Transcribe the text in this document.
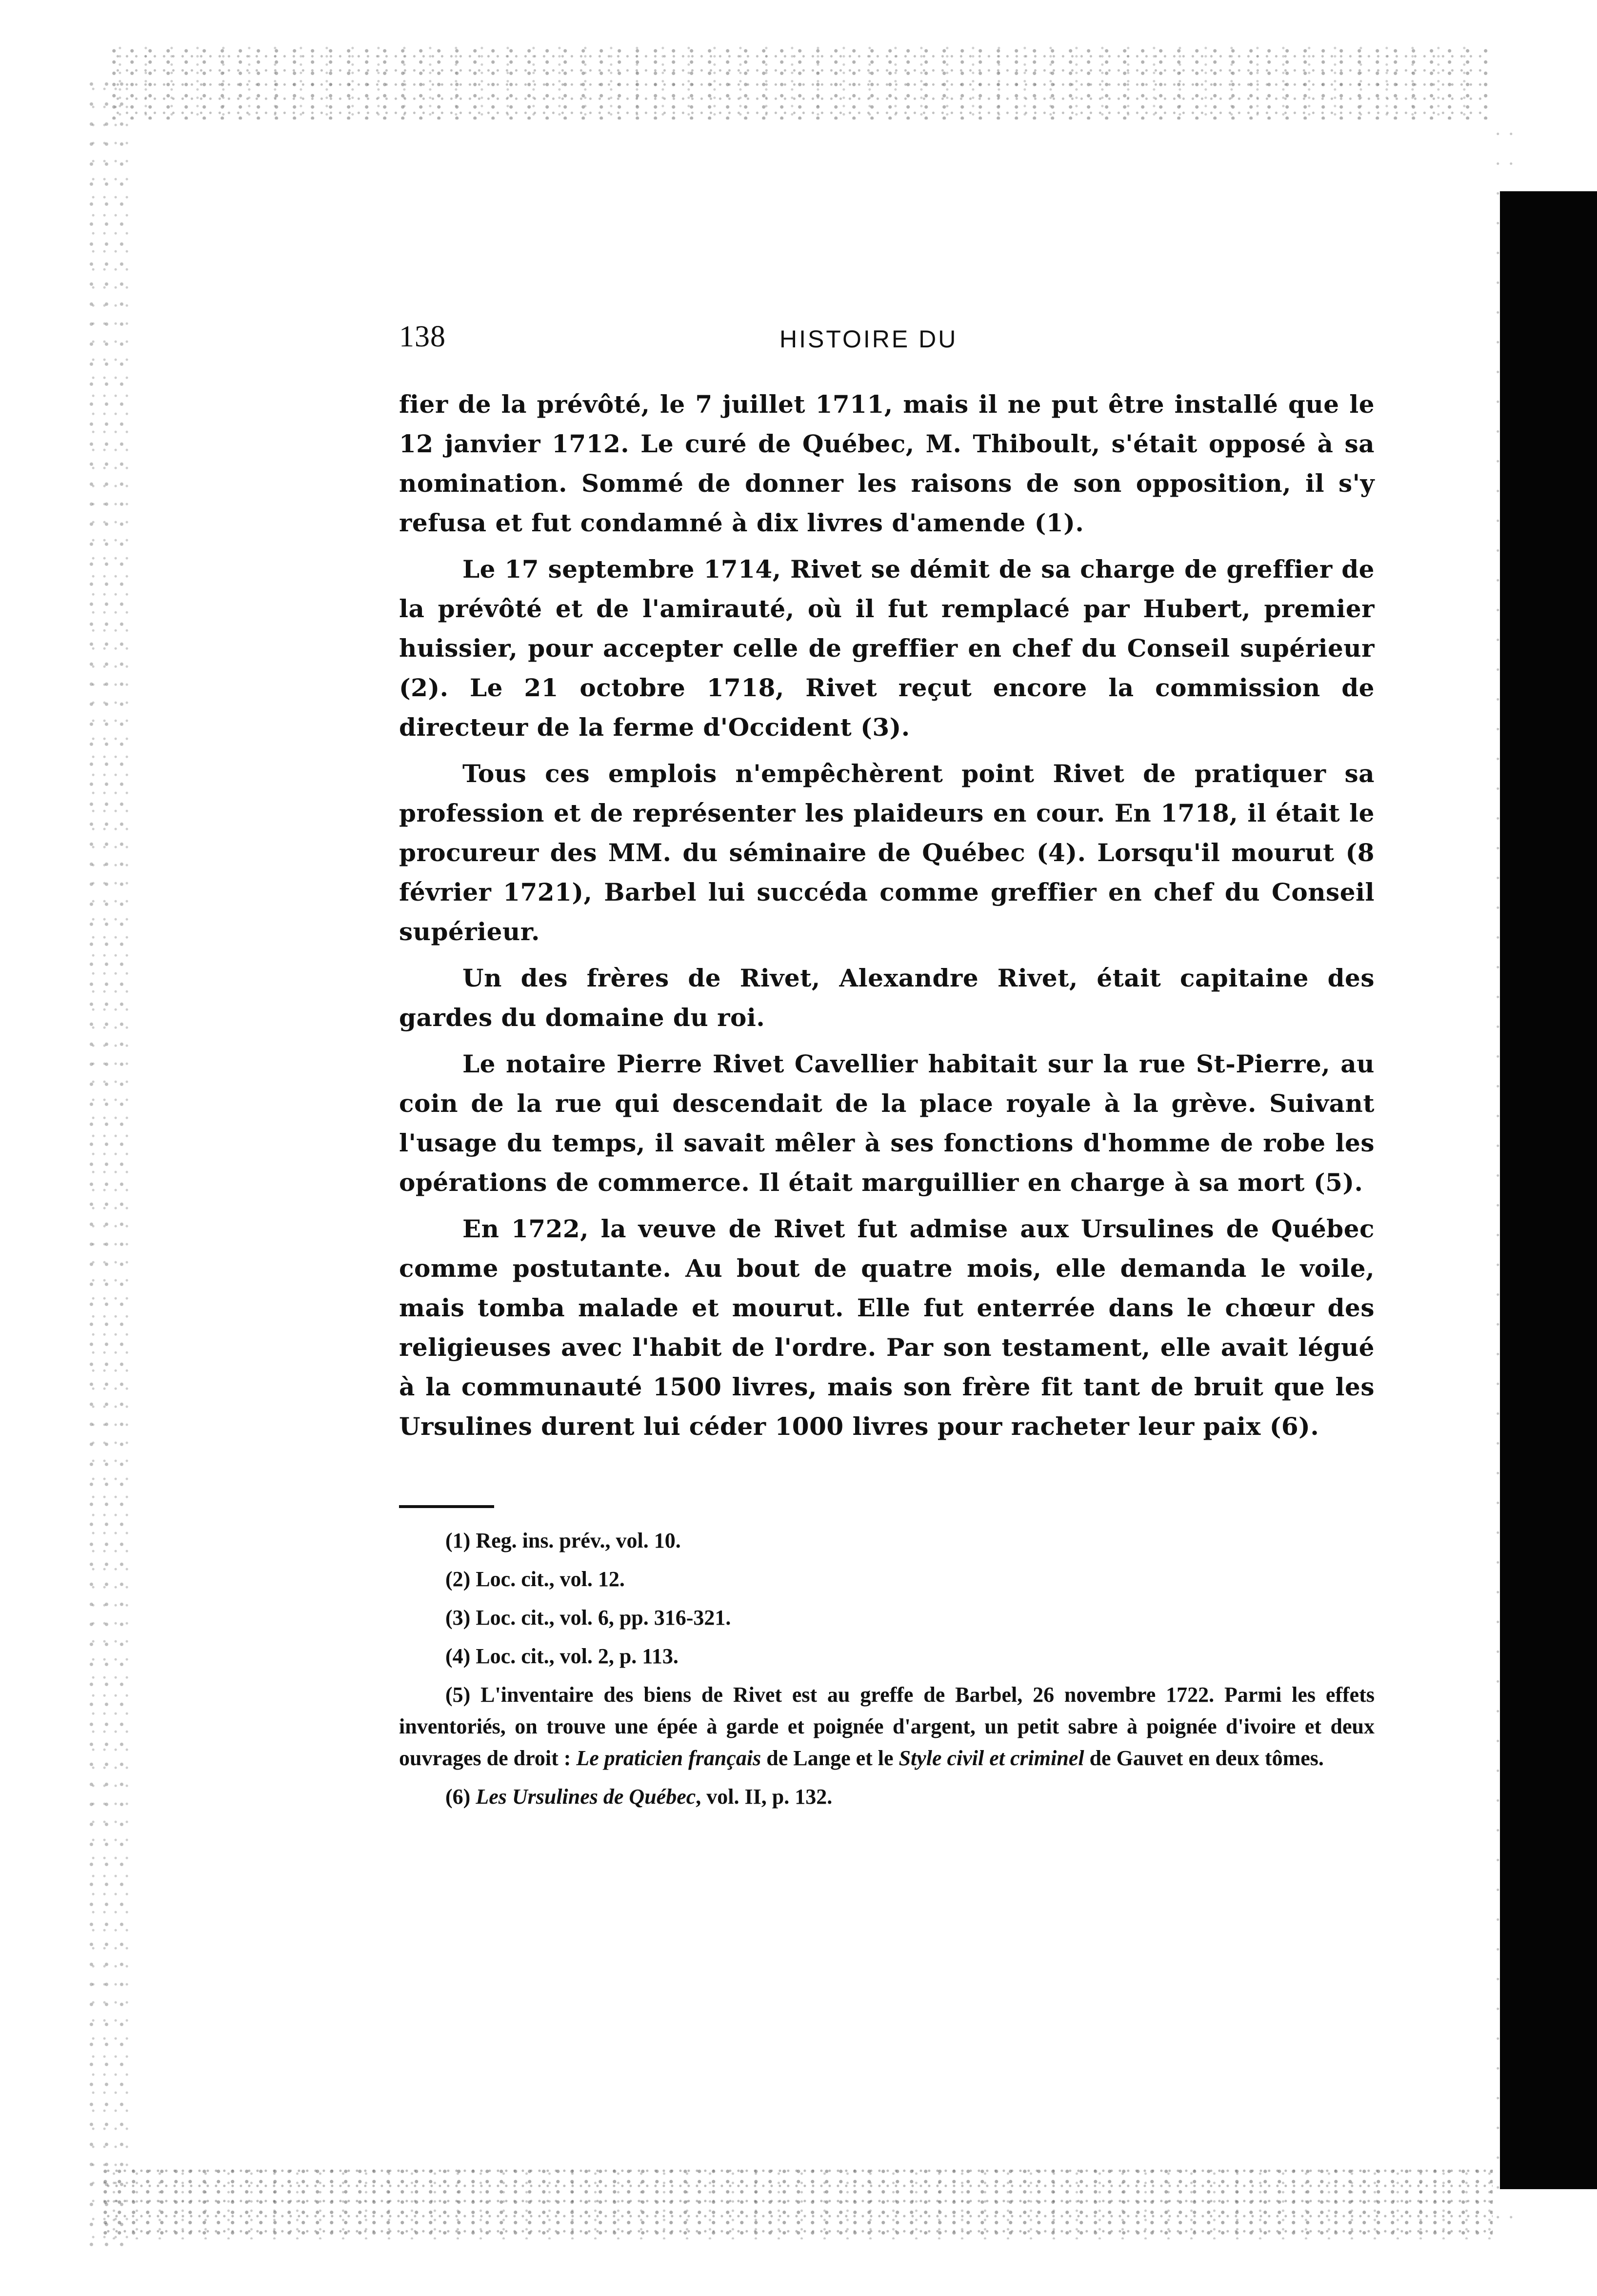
138	HISTOIRE DU

fier de la prévôté, le 7 juillet 1711, mais il ne put être installé que le 12 janvier 1712. Le curé de Québec, M. Thiboult, s'était opposé à sa nomination. Sommé de donner les raisons de son opposition, il s'y refusa et fut condamné à dix livres d'amende (1).

Le 17 septembre 1714, Rivet se démit de sa charge de greffier de la prévôté et de l'amirauté, où il fut remplacé par Hubert, premier huissier, pour accepter celle de greffier en chef du Conseil supérieur (2). Le 21 octobre 1718, Rivet reçut encore la commission de directeur de la ferme d'Occident (3).

Tous ces emplois n'empêchèrent point Rivet de pratiquer sa profession et de représenter les plaideurs en cour. En 1718, il était le procureur des MM. du séminaire de Québec (4). Lorsqu'il mourut (8 février 1721), Barbel lui succéda comme greffier en chef du Conseil supérieur.

Un des frères de Rivet, Alexandre Rivet, était capitaine des gardes du domaine du roi.

Le notaire Pierre Rivet Cavellier habitait sur la rue St-Pierre, au coin de la rue qui descendait de la place royale à la grève. Suivant l'usage du temps, il savait mêler à ses fonctions d'homme de robe les opérations de commerce. Il était marguillier en charge à sa mort (5).

En 1722, la veuve de Rivet fut admise aux Ursulines de Québec comme postutante. Au bout de quatre mois, elle demanda le voile, mais tomba malade et mourut. Elle fut enterrée dans le chœur des religieuses avec l'habit de l'ordre. Par son testament, elle avait légué à la communauté 1500 livres, mais son frère fit tant de bruit que les Ursulines durent lui céder 1000 livres pour racheter leur paix (6).

(1) Reg. ins. prév., vol. 10.
(2) Loc. cit., vol. 12.
(3) Loc. cit., vol. 6, pp. 316-321.
(4) Loc. cit., vol. 2, p. 113.
(5) L'inventaire des biens de Rivet est au greffe de Barbel, 26 novembre 1722. Parmi les effets inventoriés, on trouve une épée à garde et poignée d'argent, un petit sabre à poignée d'ivoire et deux ouvrages de droit : Le praticien français de Lange et le Style civil et criminel de Gauvet en deux tômes.
(6) Les Ursulines de Québec, vol. II, p. 132.
